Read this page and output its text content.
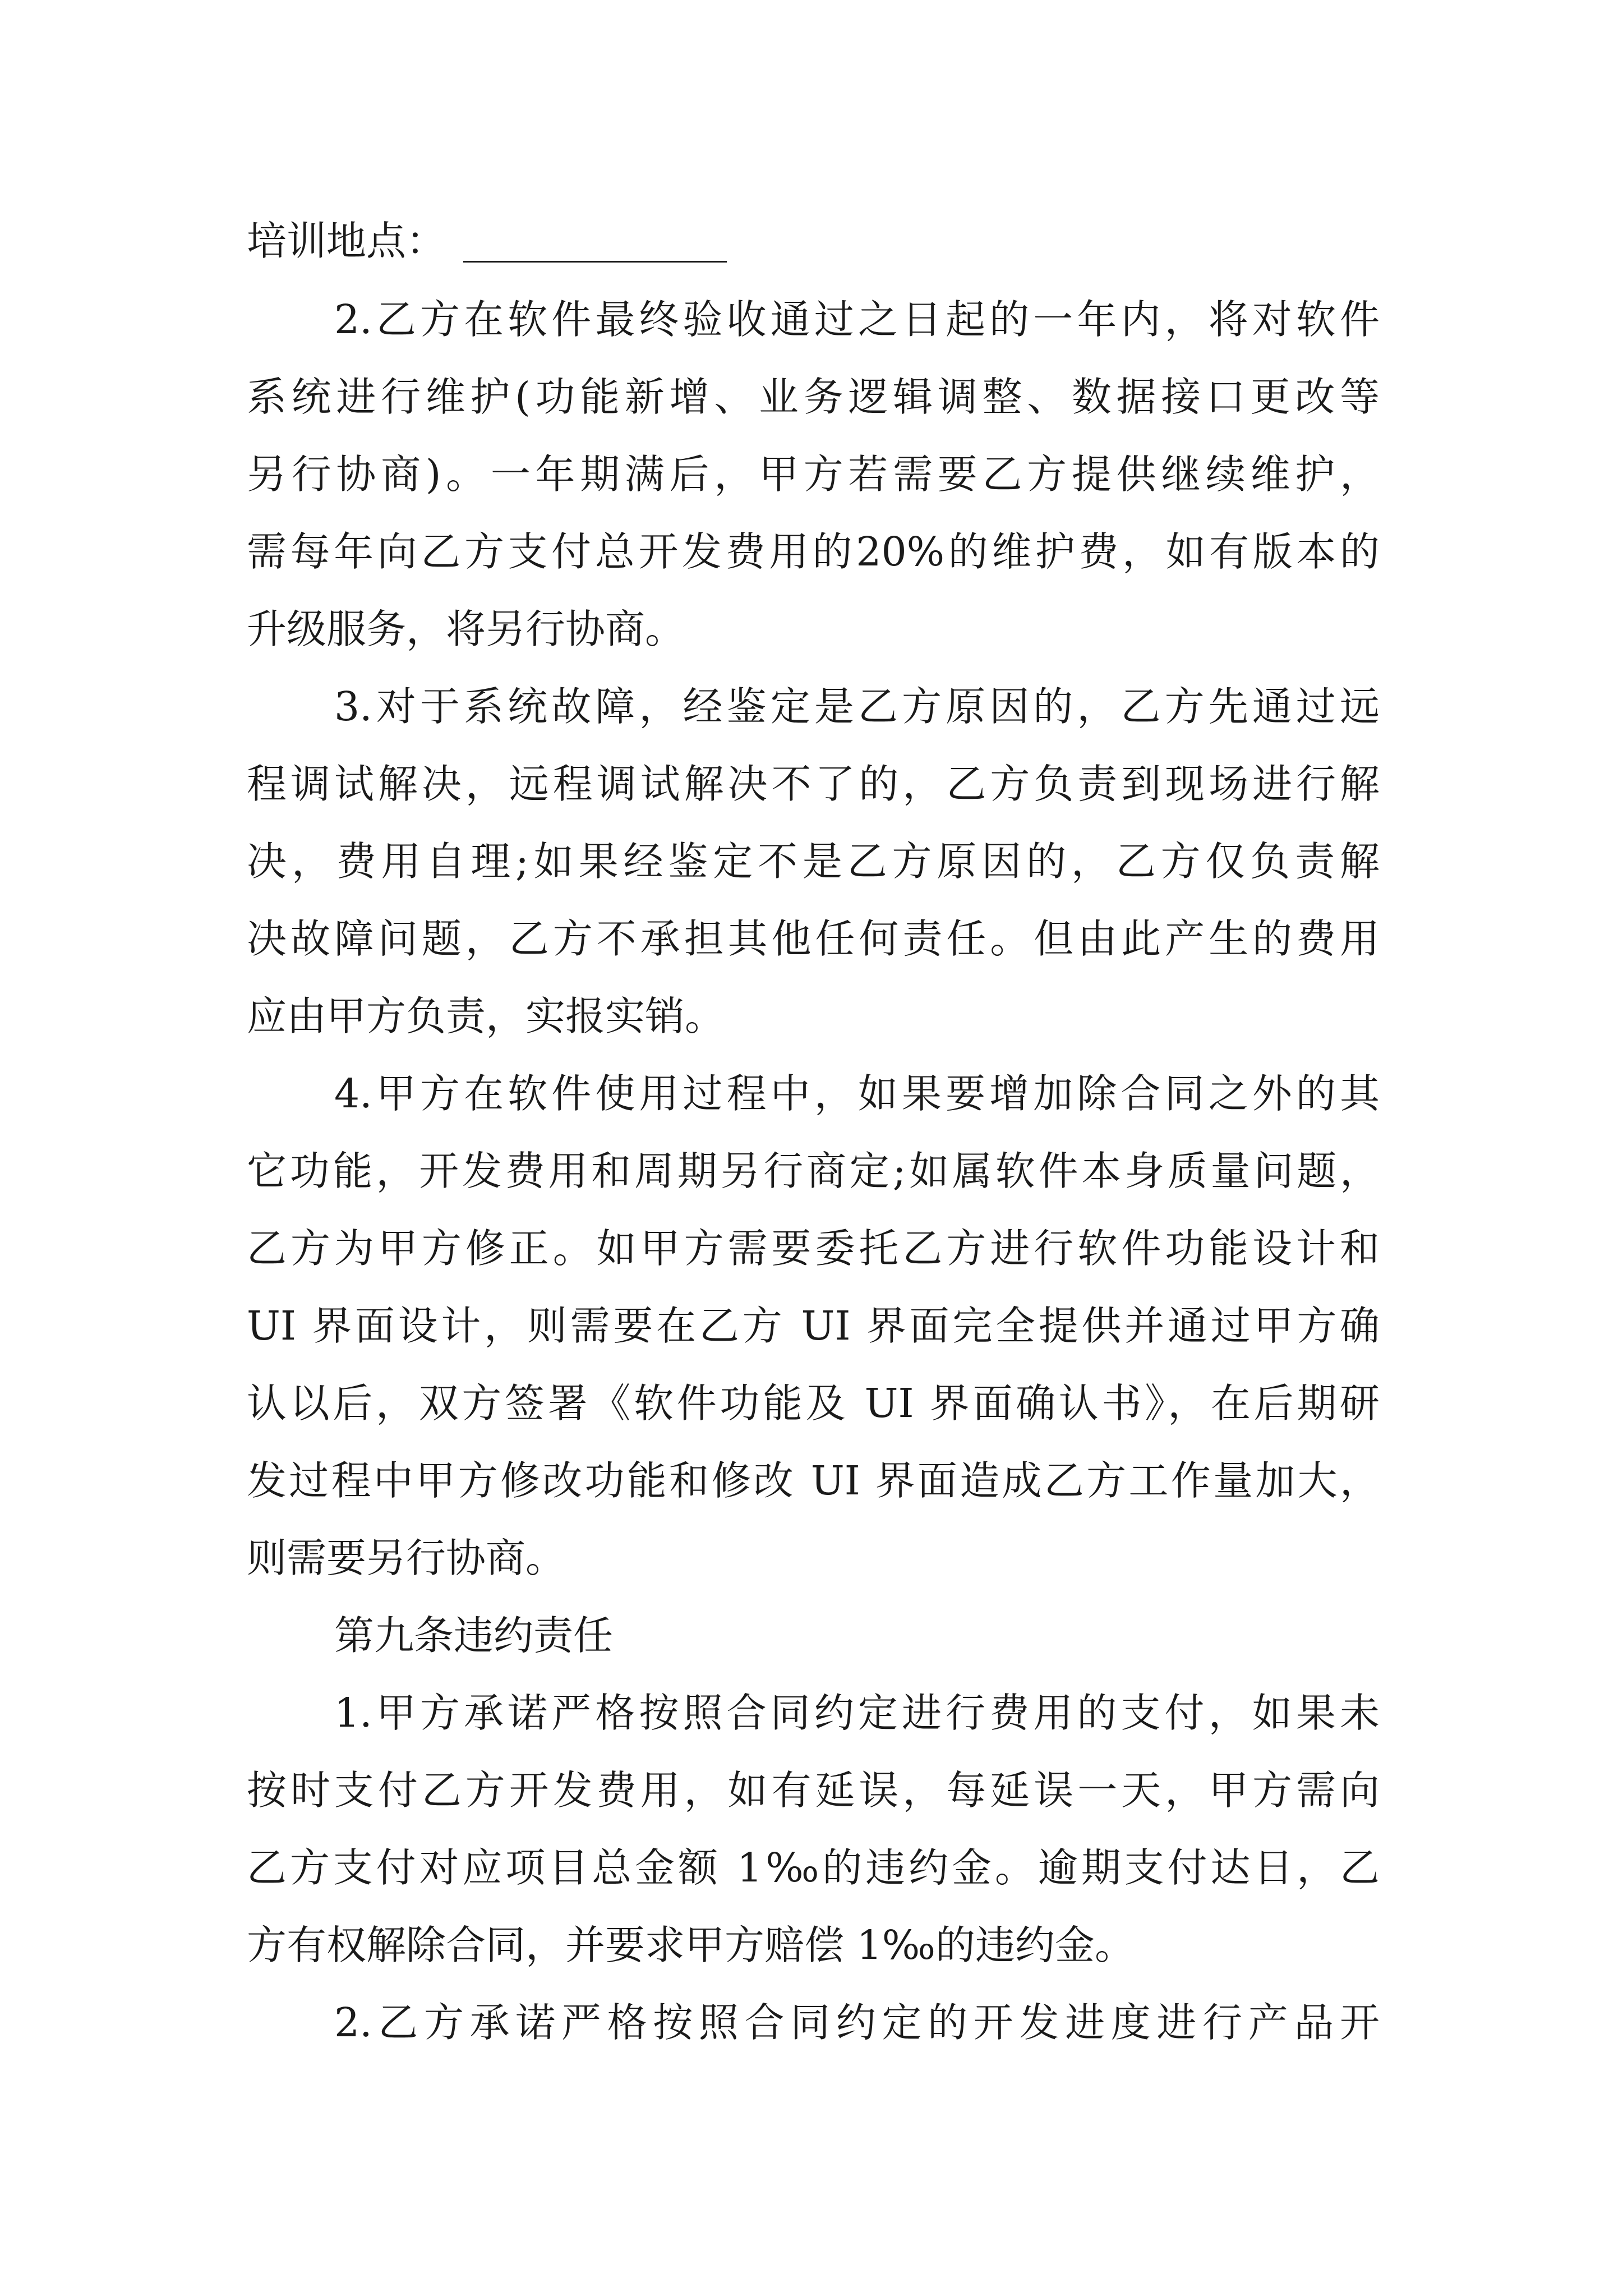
培训地点：
2.乙方在软件最终验收通过之日起的一年内，将对软件
系统进行维护(功能新增、业务逻辑调整、数据接口更改等
另行协商)。一年期满后，甲方若需要乙方提供继续维护，
需每年向乙方支付总开发费用的20%的维护费，如有版本的
升级服务，将另行协商。
3.对于系统故障，经鉴定是乙方原因的，乙方先通过远
程调试解决，远程调试解决不了的，乙方负责到现场进行解
决，费用自理;如果经鉴定不是乙方原因的，乙方仅负责解
决故障问题，乙方不承担其他任何责任。但由此产生的费用
应由甲方负责，实报实销。
4.甲方在软件使用过程中，如果要增加除合同之外的其
它功能，开发费用和周期另行商定;如属软件本身质量问题，
乙方为甲方修正。如甲方需要委托乙方进行软件功能设计和
UI 界面设计，则需要在乙方 UI 界面完全提供并通过甲方确
认以后，双方签署《软件功能及 UI 界面确认书》，在后期研
发过程中甲方修改功能和修改 UI 界面造成乙方工作量加大，
则需要另行协商。
第九条违约责任
1.甲方承诺严格按照合同约定进行费用的支付，如果未
按时支付乙方开发费用，如有延误，每延误一天，甲方需向
乙方支付对应项目总金额 1‰的违约金。逾期支付达日，乙
方有权解除合同，并要求甲方赔偿 1‰的违约金。
2.乙方承诺严格按照合同约定的开发进度进行产品开
